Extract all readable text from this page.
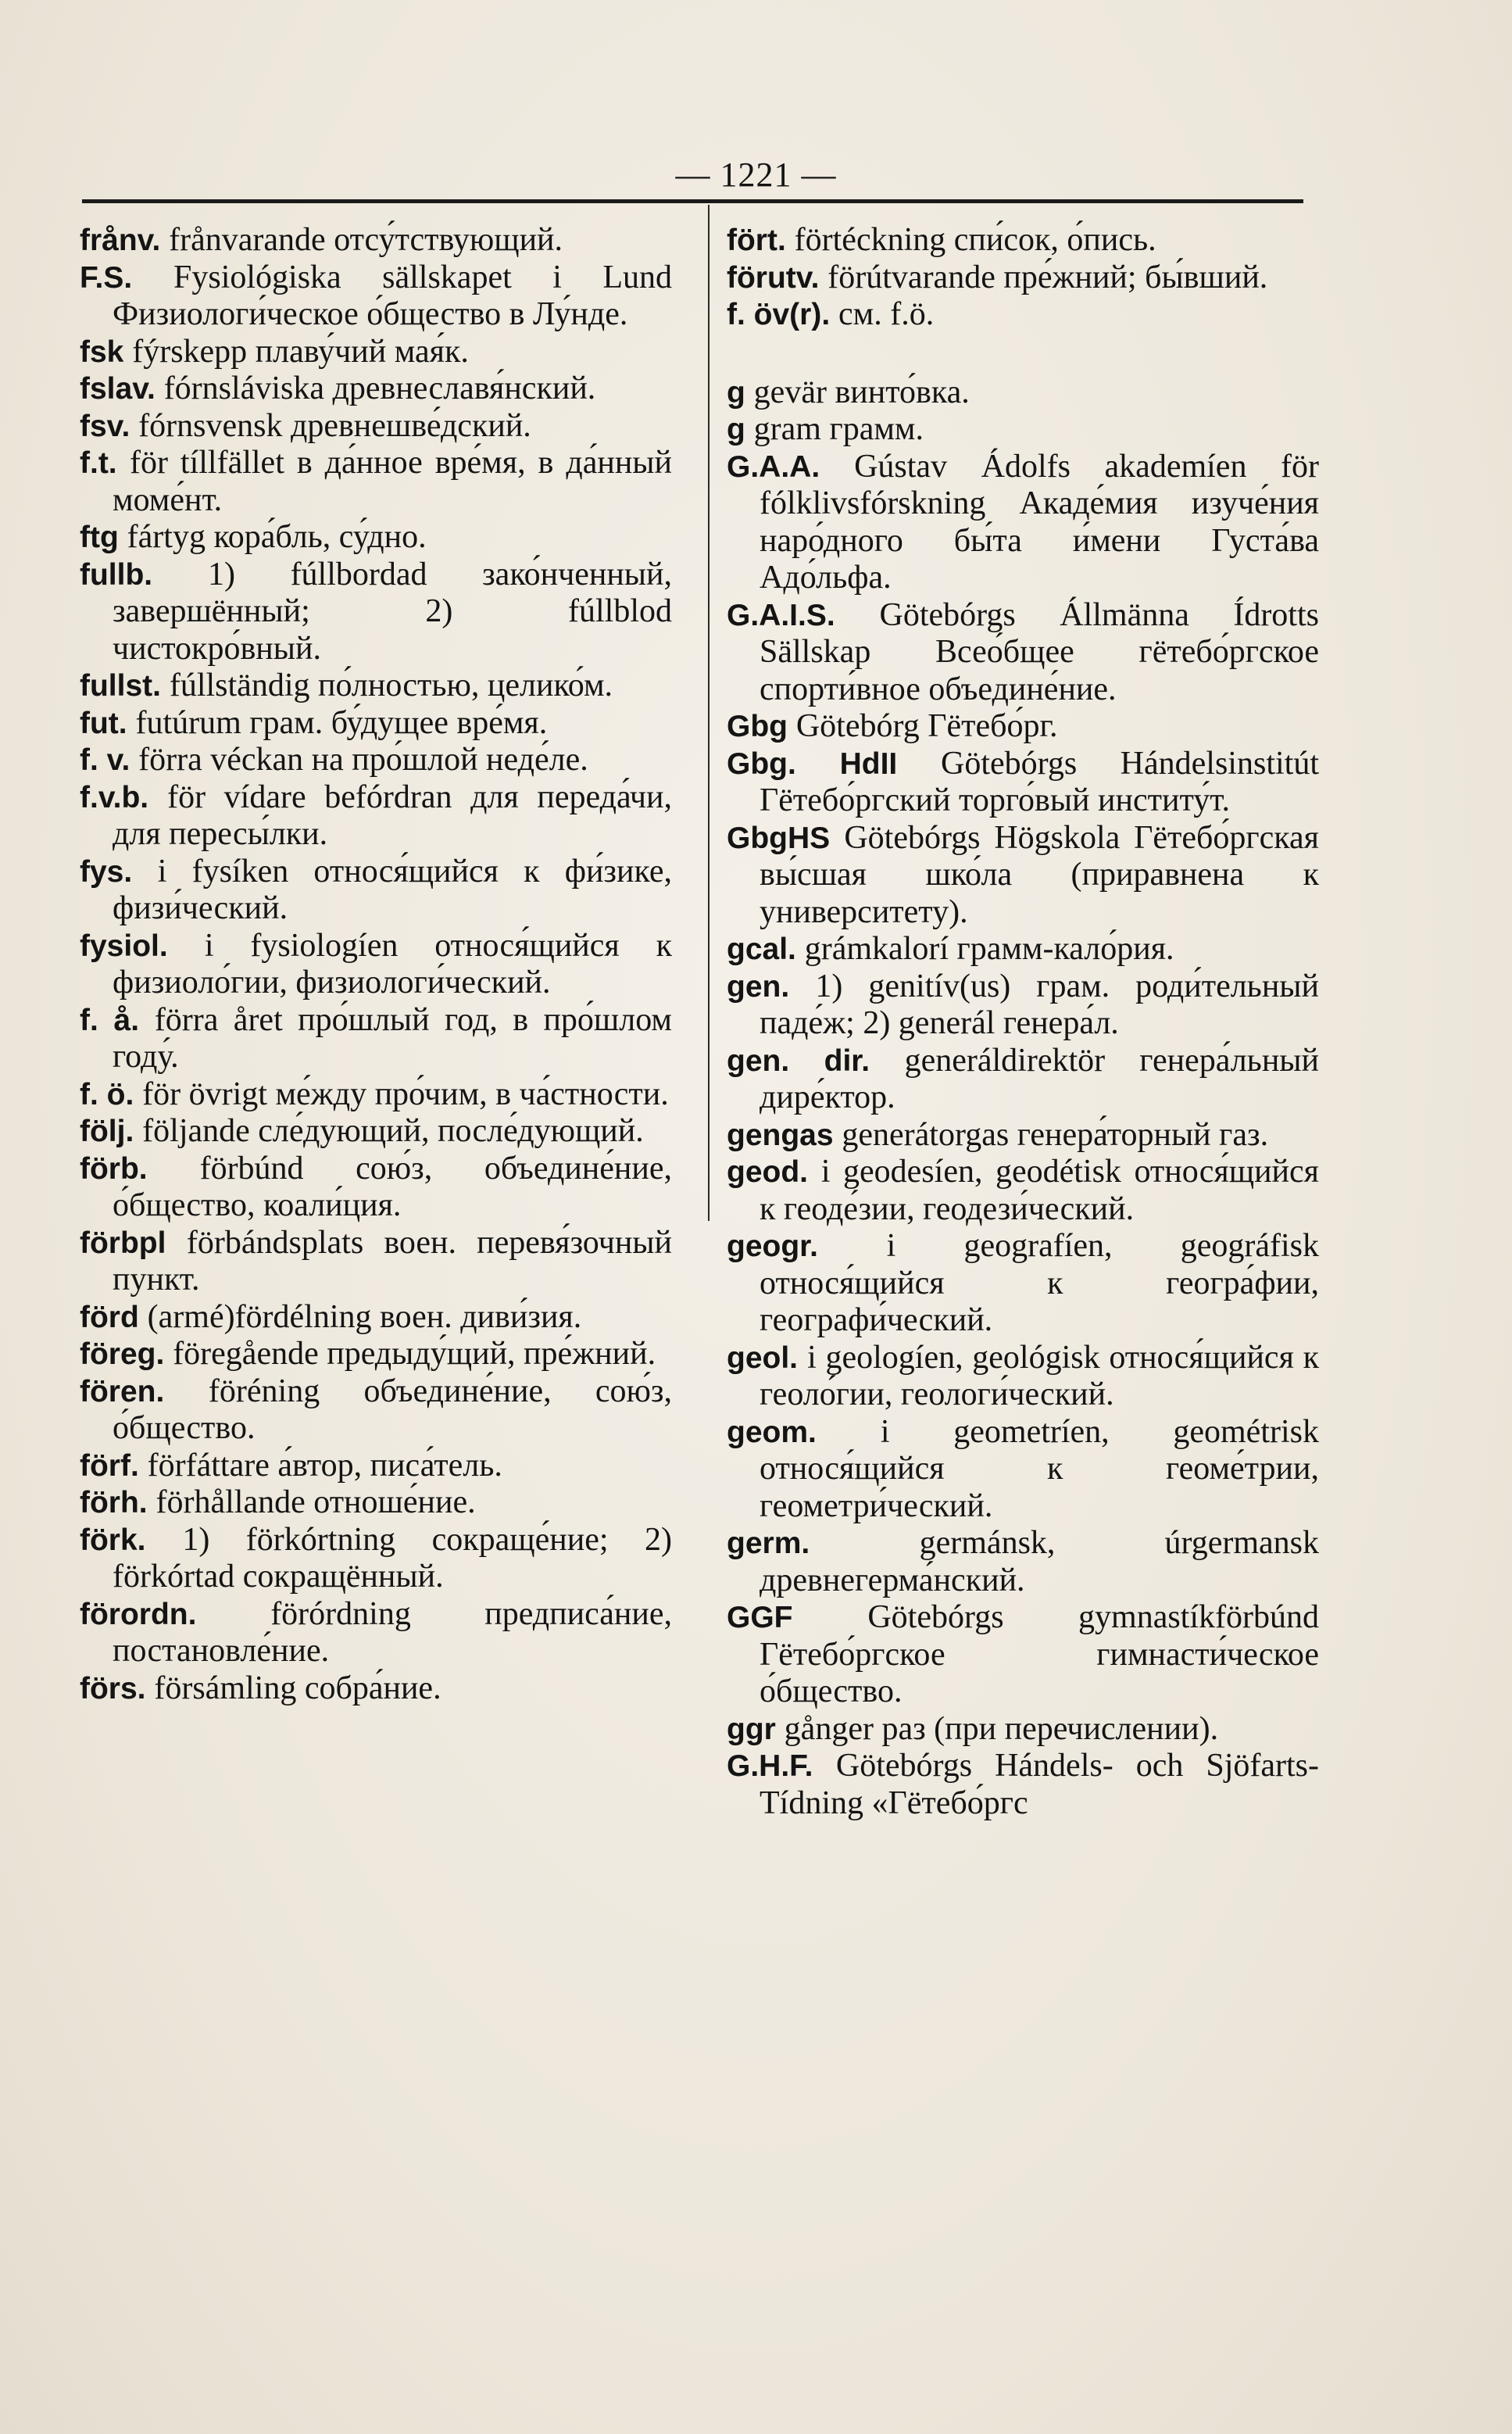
— 1221 —

frånv. frånvarande отсу́тствующий.

F.S. Fysiológiska sällskapet i LundФизиологи́ческое о́бщество в Лу́нде.

fsk fýrskepp плаву́чий мая́к.

fslav. fórnsláviska древнеславя́нский.

fsv. fórnsvensk древнешве́дский.

f.t. för tíllfället в да́нное вре́мя, в да́нный моме́нт.

ftg fártyg кора́бль, су́дно.

fullb. 1) fúllbordad зако́нченный, завершённый; 2) fúllblod чистокро́вный.

fullst. fúllständig по́лностью, целико́м.

fut. futúrum грам. бу́дущее вре́мя.

f. v. förra véckan на про́шлой неде́ле.

f.v.b. för vídare befórdran для переда́чи, для пересы́лки.

fys. i fysíken относя́щийся к фи́зике, физи́ческий.

fysiol. i fysiologíen относя́щийся к физиоло́гии, физиологи́ческий.

f. å. förra året про́шлый год, в про́шлом году́.

f. ö. för övrigt ме́жду про́чим, в ча́стности.

följ. följande сле́дующий, после́дующий.

förb. förbúnd сою́з, объедине́ние, о́бщество, коали́ция.

förbpl förbándsplats воен. перевя́зочный пункт.

förd (armé)fördélning воен. диви́зия.

föreg. föregående предыду́щий, пре́жний.

fören. föréning объедине́ние, сою́з, о́бщество.

förf. förfáttare а́втор, писа́тель.

förh. förhållande отноше́ние.

förk. 1) förkórtning сокраще́ние; 2) förkórtad сокращённый.

förordn. förórdning предписа́ние, постановле́ние.

förs. försámling собра́ние.

fört. förtéckning спи́сок, о́пись.

förutv. förútvarande пре́жний; бы́вший.

f. öv(r). см. f.ö.

g gevär винто́вка.

g gram грамм.

G.A.A. Gústav Ádolfs akademíen för fólklivsfórskning Акаде́мия изуче́ния наро́дного бы́та и́мени Густа́ва Адо́льфа.

G.A.I.S. Götebórgs Állmänna Ídrotts Sällskap Всео́бщее гётебо́ргское спорти́вное объедине́ние.

Gbg Götebórg Гётебо́рг.

Gbg. HdII Götebórgs HándelsinstitútГётебо́ргский торго́вый институ́т.

GbgHS Götebórgs Högskola Гётебо́ргская вы́сшая шко́ла (приравнена к университету).

gcal. grámkalorí грамм-кало́рия.

gen. 1) genitív(us) грам. роди́тельный паде́ж; 2) generál генера́л.

gen. dir. generáldirektör генера́льный дире́ктор.

gengas generátorgas генера́торный газ.

geod. i geodesíen, geodétisk относя́щийся к геоде́зии, геодези́ческий.

geogr. i geografíen, geográfiskотнося́щийся к геогра́фии, географи́ческий.

geol. i geologíen, geológisk относя́щийся к геоло́гии, геологи́ческий.

geom. i geometríen, geométriskотнося́щийся к геоме́трии, геометри́ческий.

germ.	germánsk, úrgermanskдревнегерма́нский.

GGF Götebórgs gymnastíkförbúndГётебо́ргское гимнасти́ческое о́бщество.

ggr gånger раз (при перечислении).

G.H.F. Götebórgs Hándels- och Sjöfarts-Tídning «Гётебо́ргс
